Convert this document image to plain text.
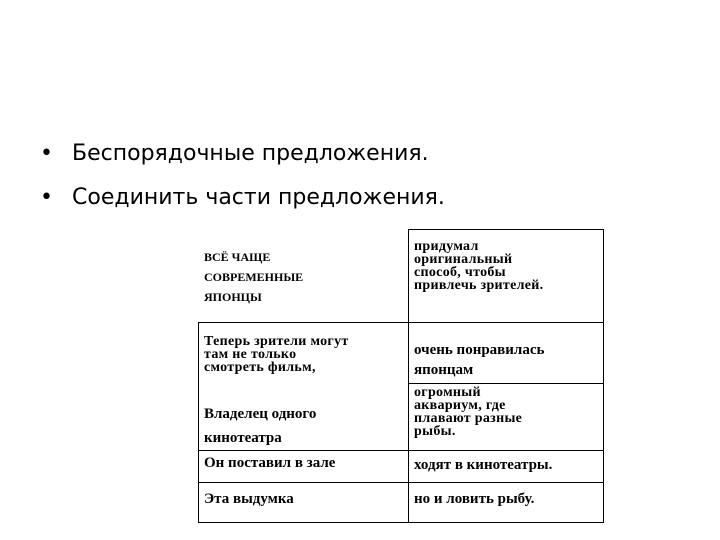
• Беспорядочные предложения.
• Соединить части предложения.
ВСЁ ЧАЩЕ
СОВРЕМЕННЫЕ
ЯПОНЦЫ
придумал
оригинальный
способ, чтобы
привлечь зрителей.
Теперь зрители могут
там не только
смотреть фильм,
очень понравилась
японцам
Владелец одного
кинотеатра
огромный
аквариум, где
плавают разные
рыбы.
Он поставил в зале	ходят в кинотеатры.
Эта выдумка	но и ловить рыбу.
